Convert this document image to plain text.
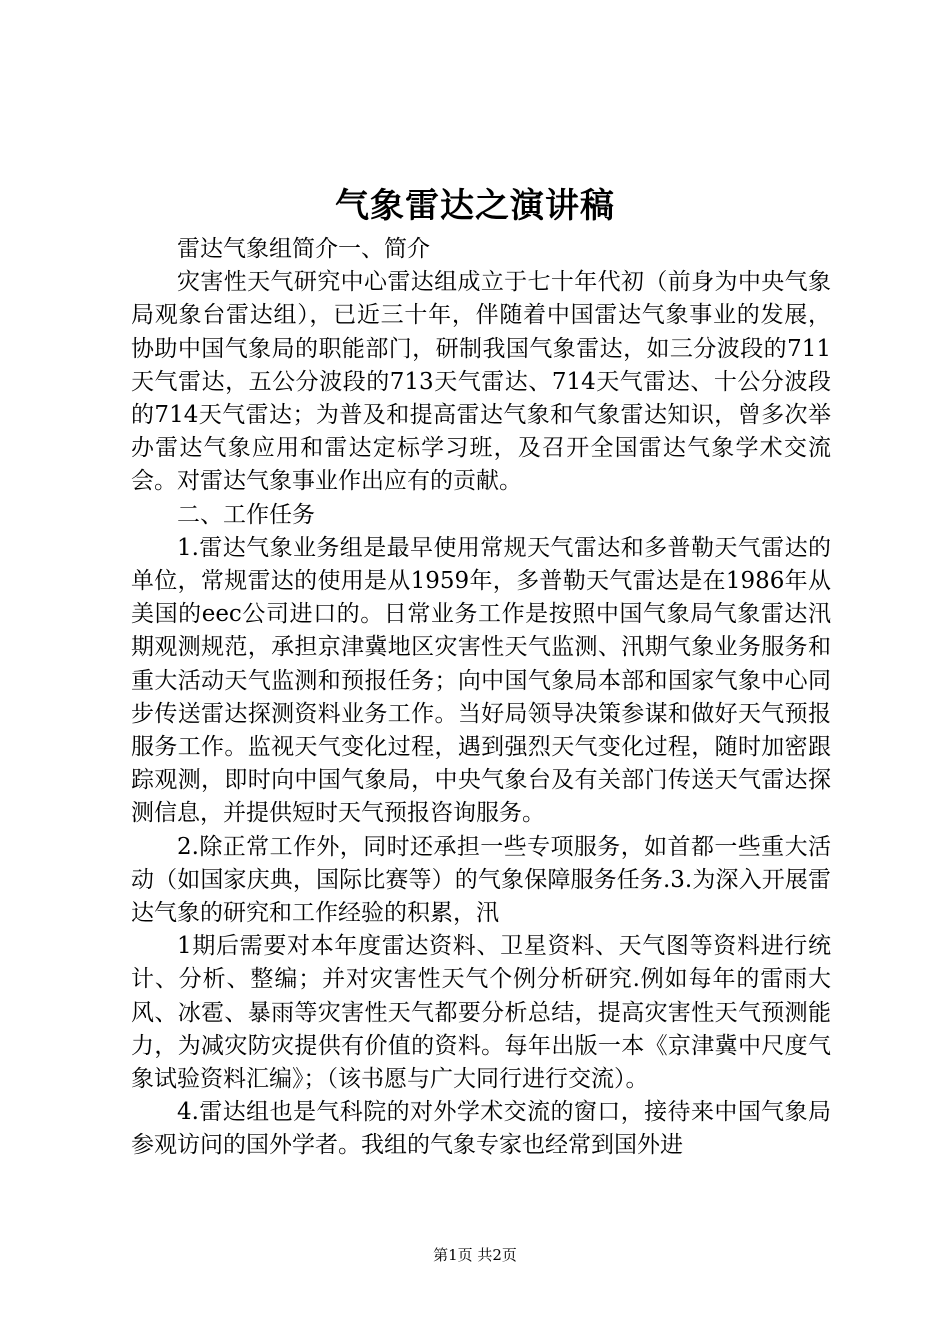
气象雷达之演讲稿

雷达气象组简介一、简介

灾害性天气研究中心雷达组成立于七十年代初（前身为中央气象局观象台雷达组），已近三十年，伴随着中国雷达气象事业的发展，协助中国气象局的职能部门，研制我国气象雷达，如三分波段的711天气雷达，五公分波段的713天气雷达、714天气雷达、十公分波段的714天气雷达；为普及和提高雷达气象和气象雷达知识，曾多次举办雷达气象应用和雷达定标学习班，及召开全国雷达气象学术交流会。对雷达气象事业作出应有的贡献。

二、工作任务

1.雷达气象业务组是最早使用常规天气雷达和多普勒天气雷达的单位，常规雷达的使用是从1959年，多普勒天气雷达是在1986年从美国的eec公司进口的。日常业务工作是按照中国气象局气象雷达汛期观测规范，承担京津冀地区灾害性天气监测、汛期气象业务服务和重大活动天气监测和预报任务；向中国气象局本部和国家气象中心同步传送雷达探测资料业务工作。当好局领导决策参谋和做好天气预报服务工作。监视天气变化过程，遇到强烈天气变化过程，随时加密跟踪观测，即时向中国气象局，中央气象台及有关部门传送天气雷达探测信息，并提供短时天气预报咨询服务。

2.除正常工作外，同时还承担一些专项服务，如首都一些重大活动（如国家庆典，国际比赛等）的气象保障服务任务.3.为深入开展雷达气象的研究和工作经验的积累，汛

1期后需要对本年度雷达资料、卫星资料、天气图等资料进行统计、分析、整编；并对灾害性天气个例分析研究.例如每年的雷雨大风、冰雹、暴雨等灾害性天气都要分析总结，提高灾害性天气预测能力，为减灾防灾提供有价值的资料。每年出版一本《京津冀中尺度气象试验资料汇编》；（该书愿与广大同行进行交流）。

4.雷达组也是气科院的对外学术交流的窗口，接待来中国气象局参观访问的国外学者。我组的气象专家也经常到国外进

第1页 共2页
